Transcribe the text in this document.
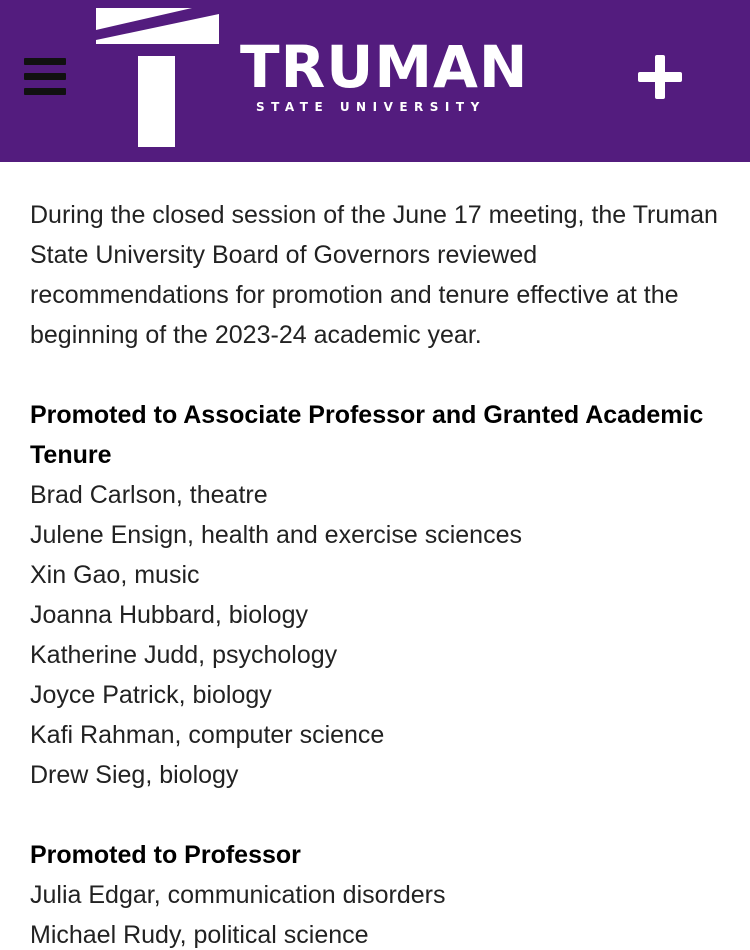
TRUMAN
STATE UNIVERSITY

During the closed session of the June 17 meeting, the Truman State University Board of Governors reviewed recommendations for promotion and tenure effective at the beginning of the 2023-24 academic year.

Promoted to Associate Professor and Granted Academic Tenure

Brad Carlson, theatre
Julene Ensign, health and exercise sciences
Xin Gao, music
Joanna Hubbard, biology
Katherine Judd, psychology
Joyce Patrick, biology
Kafi Rahman, computer science
Drew Sieg, biology

Promoted to Professor

Julia Edgar, communication disorders
Michael Rudy, political science
